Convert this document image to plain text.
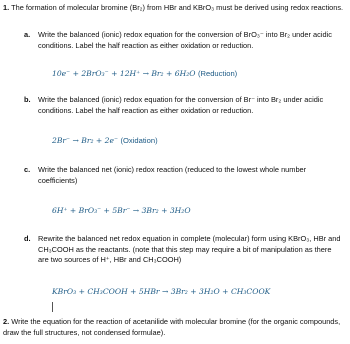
1. The formation of molecular bromine (Br₂) from HBr and KBrO₃ must be derived using redox reactions.
a. Write the balanced (ionic) redox equation for the conversion of BrO₃⁻ into Br₂ under acidic conditions. Label the half reaction as either oxidation or reduction.
10e⁻ + 2BrO₃⁻ + 12H⁺ → Br₂ + 6H₂O (Reduction)
b. Write the balanced (ionic) redox equation for the conversion of Br⁻ into Br₂ under acidic conditions. Label the half reaction as either oxidation or reduction.
2Br⁻ → Br₂ + 2e⁻ (Oxidation)
c. Write the balanced net (ionic) redox reaction (reduced to the lowest whole number coefficients)
6H⁺ + BrO₃⁻ + 5Br⁻ → 3Br₂ + 3H₂O
d. Rewrite the balanced net redox equation in complete (molecular) form using KBrO₃, HBr and CH₃COOH as the reactants. (note that this step may require a bit of manipulation as there are two sources of H⁺, HBr and CH₃COOH)
KBrO₃ + CH₃COOH + 5HBr → 3Br₂ + 3H₂O + CH₃COOK
2. Write the equation for the reaction of acetanilide with molecular bromine (for the organic compounds, draw the full structures, not condensed formulae).
